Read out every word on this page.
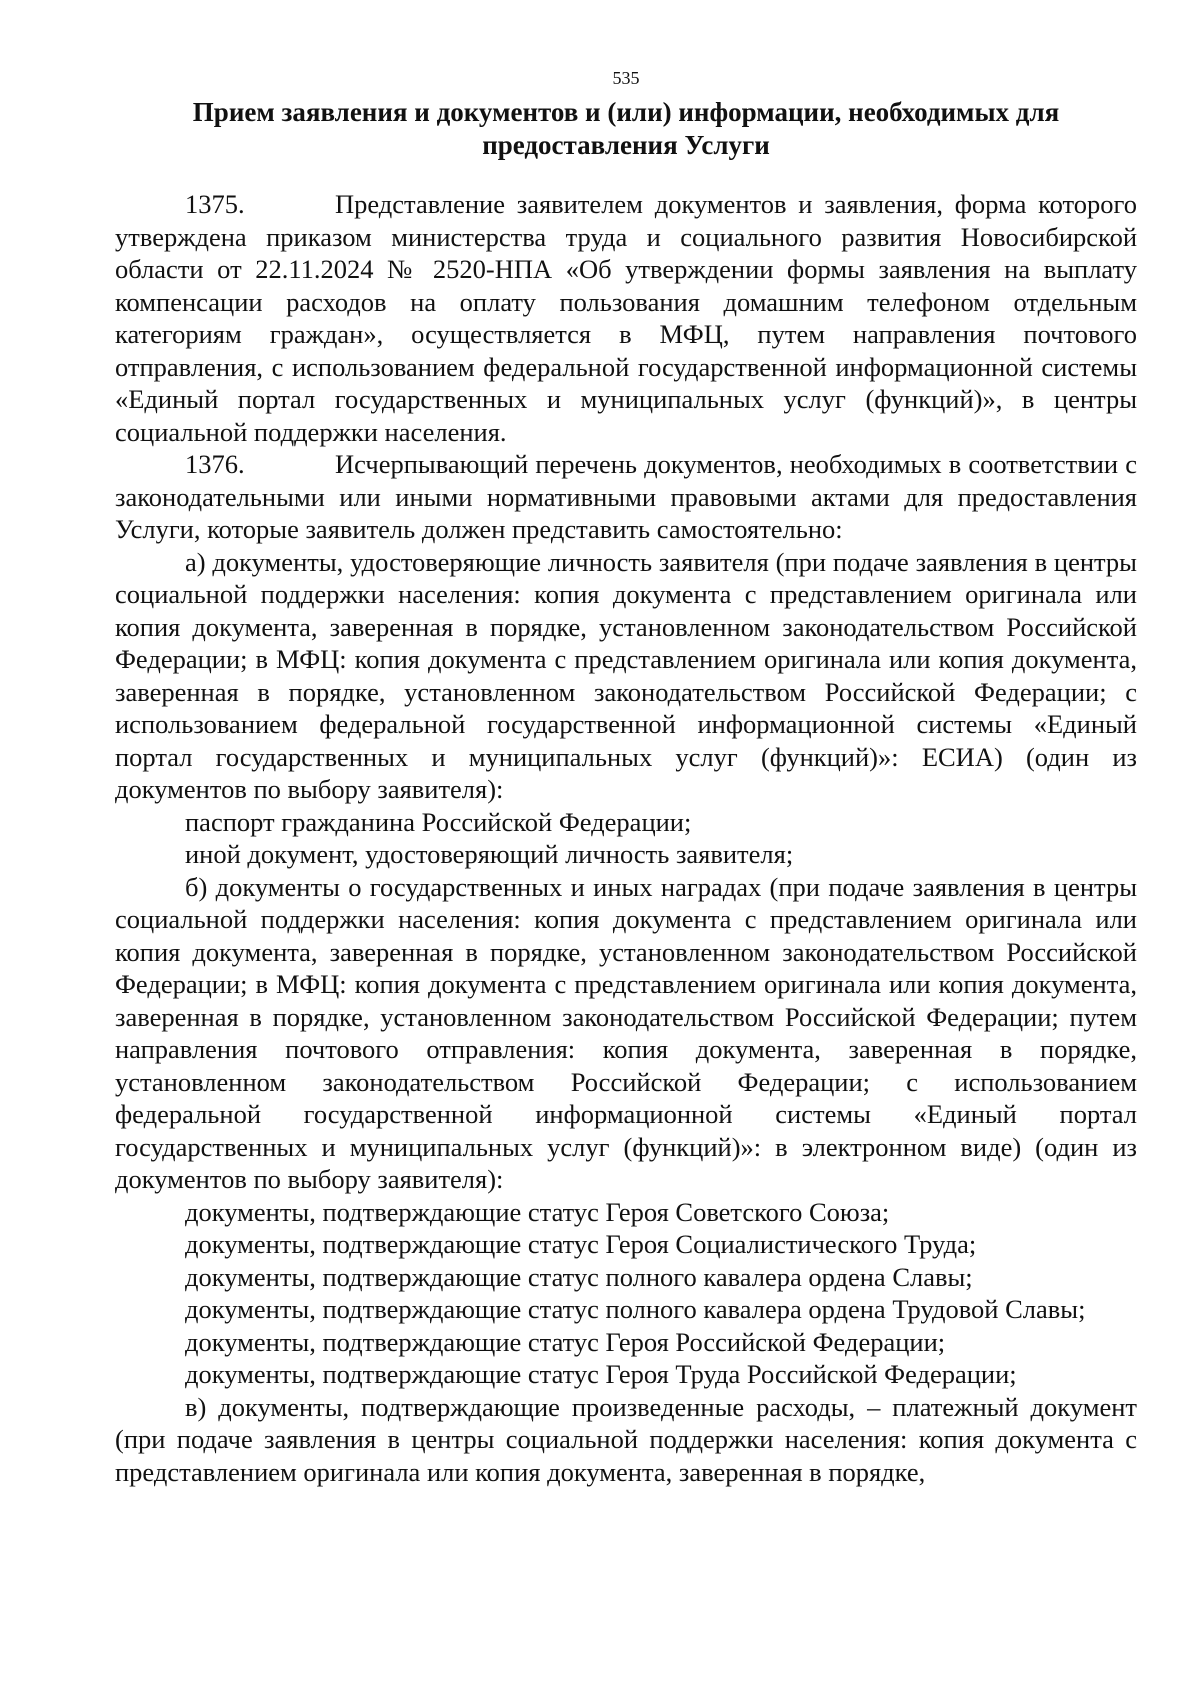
535
Прием заявления и документов и (или) информации, необходимых для предоставления Услуги

1375.	Представление заявителем документов и заявления, форма которого утверждена приказом министерства труда и социального развития Новосибирской области от 22.11.2024 № 2520-НПА «Об утверждении формы заявления на выплату компенсации расходов на оплату пользования домашним телефоном отдельным категориям граждан», осуществляется в МФЦ, путем направления почтового отправления, с использованием федеральной государственной информационной системы «Единый портал государственных и муниципальных услуг (функций)», в центры социальной поддержки населения.

1376.	Исчерпывающий перечень документов, необходимых в соответствии с законодательными или иными нормативными правовыми актами для предоставления Услуги, которые заявитель должен представить самостоятельно:

а) документы, удостоверяющие личность заявителя (при подаче заявления в центры социальной поддержки населения: копия документа с представлением оригинала или копия документа, заверенная в порядке, установленном законодательством Российской Федерации; в МФЦ: копия документа с представлением оригинала или копия документа, заверенная в порядке, установленном законодательством Российской Федерации; с использованием федеральной государственной информационной системы «Единый портал государственных и муниципальных услуг (функций)»: ЕСИА) (один из документов по выбору заявителя):

паспорт гражданина Российской Федерации;

иной документ, удостоверяющий личность заявителя;

б) документы о государственных и иных наградах (при подаче заявления в центры социальной поддержки населения: копия документа с представлением оригинала или копия документа, заверенная в порядке, установленном законодательством Российской Федерации; в МФЦ: копия документа с представлением оригинала или копия документа, заверенная в порядке, установленном законодательством Российской Федерации; путем направления почтового отправления: копия документа, заверенная в порядке, установленном законодательством Российской Федерации; с использованием федеральной государственной информационной системы «Единый портал государственных и муниципальных услуг (функций)»: в электронном виде) (один из документов по выбору заявителя):

документы, подтверждающие статус Героя Советского Союза;

документы, подтверждающие статус Героя Социалистического Труда;

документы, подтверждающие статус полного кавалера ордена Славы;

документы, подтверждающие статус полного кавалера ордена Трудовой Славы;

документы, подтверждающие статус Героя Российской Федерации;

документы, подтверждающие статус Героя Труда Российской Федерации;

в) документы, подтверждающие произведенные расходы, – платежный документ (при подаче заявления в центры социальной поддержки населения: копия документа с представлением оригинала или копия документа, заверенная в порядке,
